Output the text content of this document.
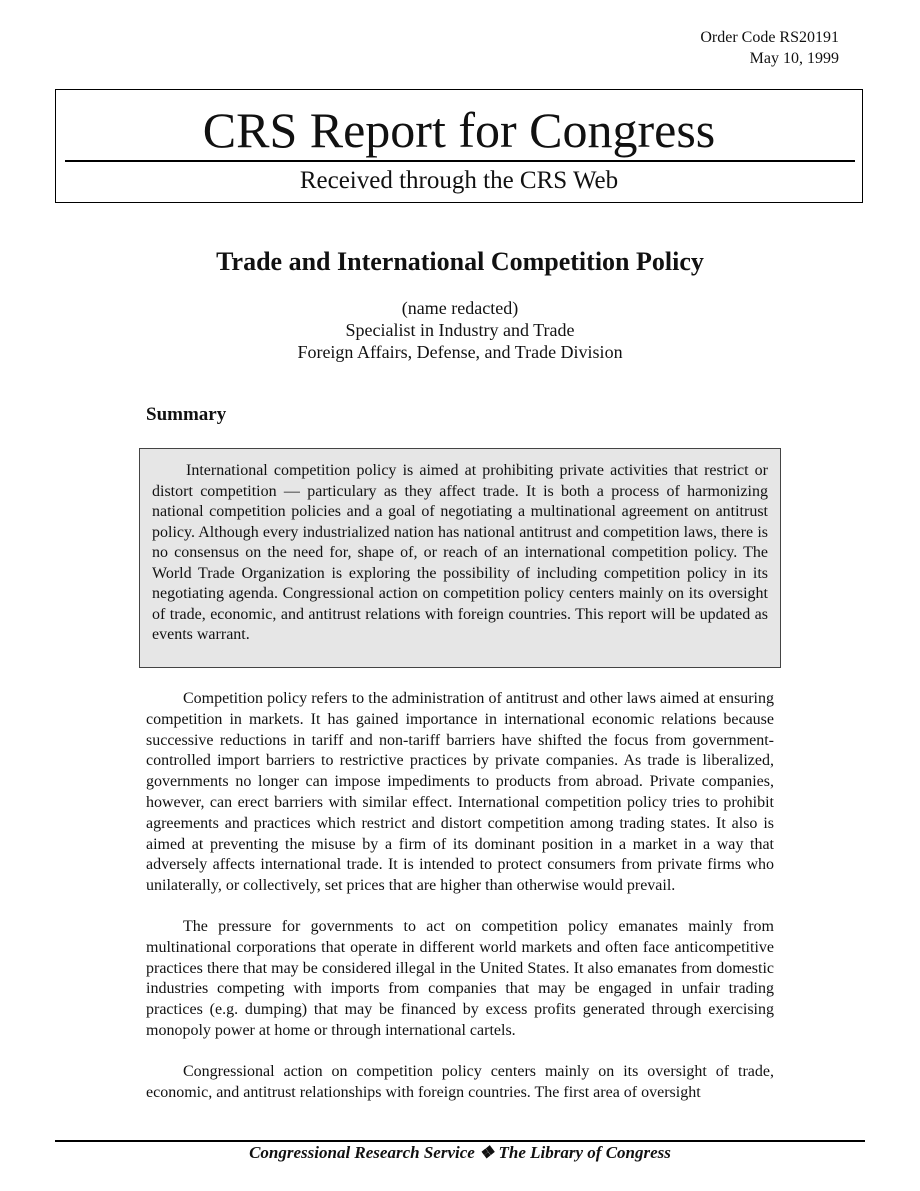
Order Code RS20191
May 10, 1999
CRS Report for Congress
Received through the CRS Web
Trade and International Competition Policy
(name redacted)
Specialist in Industry and Trade
Foreign Affairs, Defense, and Trade Division
Summary

International competition policy is aimed at prohibiting private activities that restrict or distort competition — particulary as they affect trade. It is both a process of harmonizing national competition policies and a goal of negotiating a multinational agreement on antitrust policy. Although every industrialized nation has national antitrust and competition laws, there is no consensus on the need for, shape of, or reach of an international competition policy. The World Trade Organization is exploring the possibility of including competition policy in its negotiating agenda. Congressional action on competition policy centers mainly on its oversight of trade, economic, and antitrust relations with foreign countries. This report will be updated as events warrant.

Competition policy refers to the administration of antitrust and other laws aimed at ensuring competition in markets. It has gained importance in international economic relations because successive reductions in tariff and non-tariff barriers have shifted the focus from government-controlled import barriers to restrictive practices by private companies. As trade is liberalized, governments no longer can impose impediments to products from abroad. Private companies, however, can erect barriers with similar effect. International competition policy tries to prohibit agreements and practices which restrict and distort competition among trading states. It also is aimed at preventing the misuse by a firm of its dominant position in a market in a way that adversely affects international trade. It is intended to protect consumers from private firms who unilaterally, or collectively, set prices that are higher than otherwise would prevail.

The pressure for governments to act on competition policy emanates mainly from multinational corporations that operate in different world markets and often face anticompetitive practices there that may be considered illegal in the United States. It also emanates from domestic industries competing with imports from companies that may be engaged in unfair trading practices (e.g. dumping) that may be financed by excess profits generated through exercising monopoly power at home or through international cartels.

Congressional action on competition policy centers mainly on its oversight of trade, economic, and antitrust relationships with foreign countries. The first area of oversight

Congressional Research Service ❖ The Library of Congress
